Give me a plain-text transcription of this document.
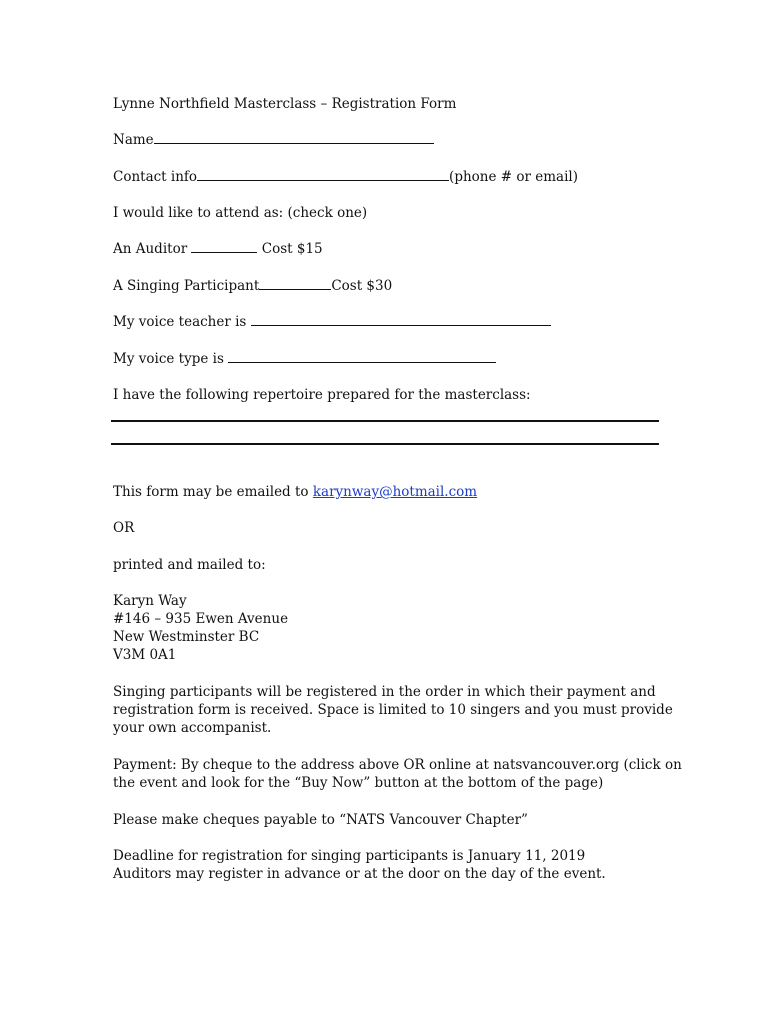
Lynne Northfield Masterclass – Registration Form
Name
Contact info	(phone # or email)
I would like to attend as: (check one)
An Auditor	Cost $15
A Singing Participant	Cost $30
My voice teacher is
My voice type is
I have the following repertoire prepared for the masterclass:
This form may be emailed to karynway@hotmail.com
OR
printed and mailed to:
Karyn Way
#146 – 935 Ewen Avenue
New Westminster BC
V3M 0A1
Singing participants will be registered in the order in which their payment and
registration form is received. Space is limited to 10 singers and you must provide
your own accompanist.
Payment: By cheque to the address above OR online at natsvancouver.org (click on
the event and look for the “Buy Now” button at the bottom of the page)
Please make cheques payable to “NATS Vancouver Chapter”
Deadline for registration for singing participants is January 11, 2019
Auditors may register in advance or at the door on the day of the event.
